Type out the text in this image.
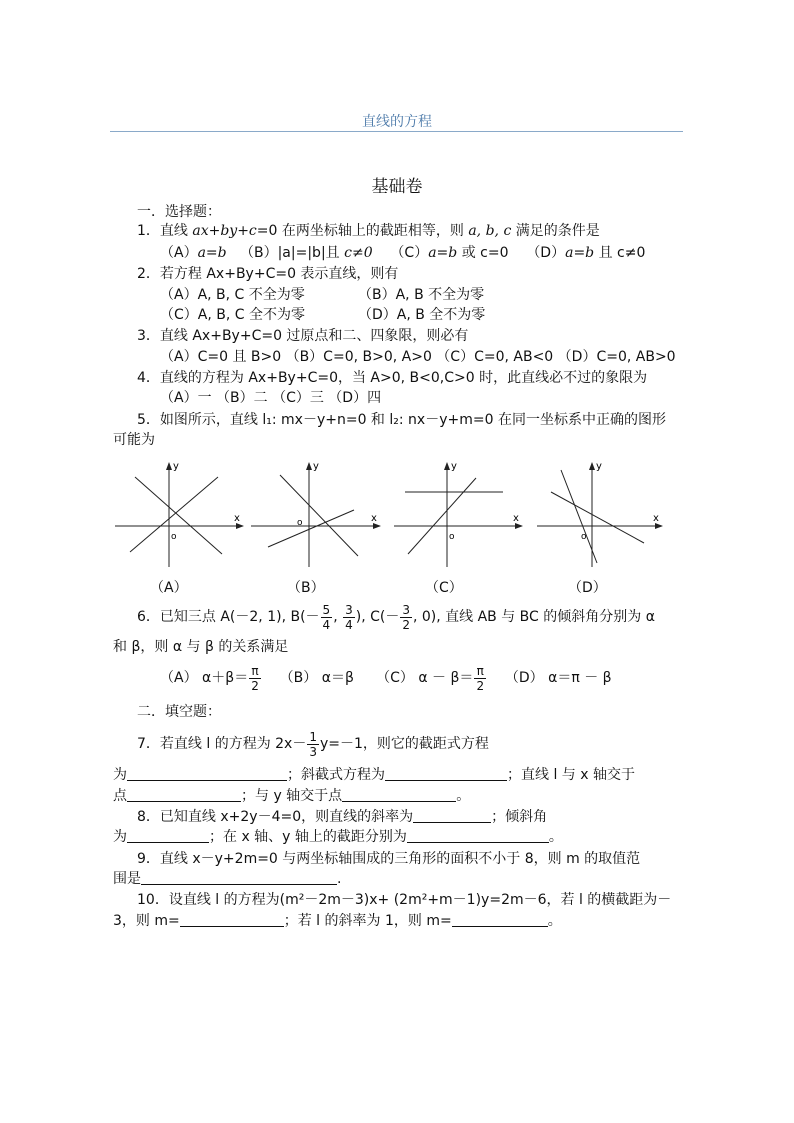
直线的方程
基础卷
一．选择题：
1．直线 ax+by+c=0 在两坐标轴上的截距相等，则 a, b, c 满足的条件是
（A）a=b （B）|a|=|b|且 c≠0 （C）a=b 或 c=0 （D）a=b 且 c≠0
2．若方程 Ax+By+C=0 表示直线，则有
（A）A, B, C 不全为零	（B）A, B 不全为零
（C）A, B, C 全不为零	（D）A, B 全不为零
3．直线 Ax+By+C=0 过原点和二、四象限，则必有
（A）C=0 且 B>0 （B）C=0, B>0, A>0 （C）C=0, AB<0 （D）C=0, AB>0
4．直线的方程为 Ax+By+C=0，当 A>0, B<0,C>0 时，此直线必不过的象限为
（A）一 （B）二 （C）三 （D）四
5．如图所示，直线 l₁: mx－y+n=0 和 l₂: nx－y+m=0 在同一坐标系中正确的图形
可能为
o
x
y
o	x
y
o
x
y
o
x
y
（A）	（B）	（C）	（D）
6．已知三点 A(－2, 1), $B(- \frac{5}{4}$ , $\frac{3}{4}$ ), $C(- \frac{3}{2}$ , 0), 直线 AB 与 BC 的倾斜角分别为 α
和 β，则 α 与 β 的关系满足
（A） $\alpha+\beta= \frac{\pi}{2} (B)$ α＝β （C） $\alpha - \beta= \frac{\pi}{2} (D) \alpha=\pi - \beta$
二．填空题：
7．若直线 l 的方程为 $2x- \frac{1}{3} y=-1$，则它的截距式方程
为	；斜截式方程为	；直线 l 与 x 轴交于
点	；与 y 轴交于点	。
8．已知直线 x+2y－4=0，则直线的斜率为	；倾斜角
为	；在 x 轴、y 轴上的截距分别为	。
9．直线 x－y+2m=0 与两坐标轴围成的三角形的面积不小于 8，则 m 的取值范
围是	.
10．设直线 l 的方程为(m²－2m－3)x+ (2m²+m－1)y=2m－6，若 l 的横截距为－
3，则 m=	；若 l 的斜率为 1，则 m=	。
